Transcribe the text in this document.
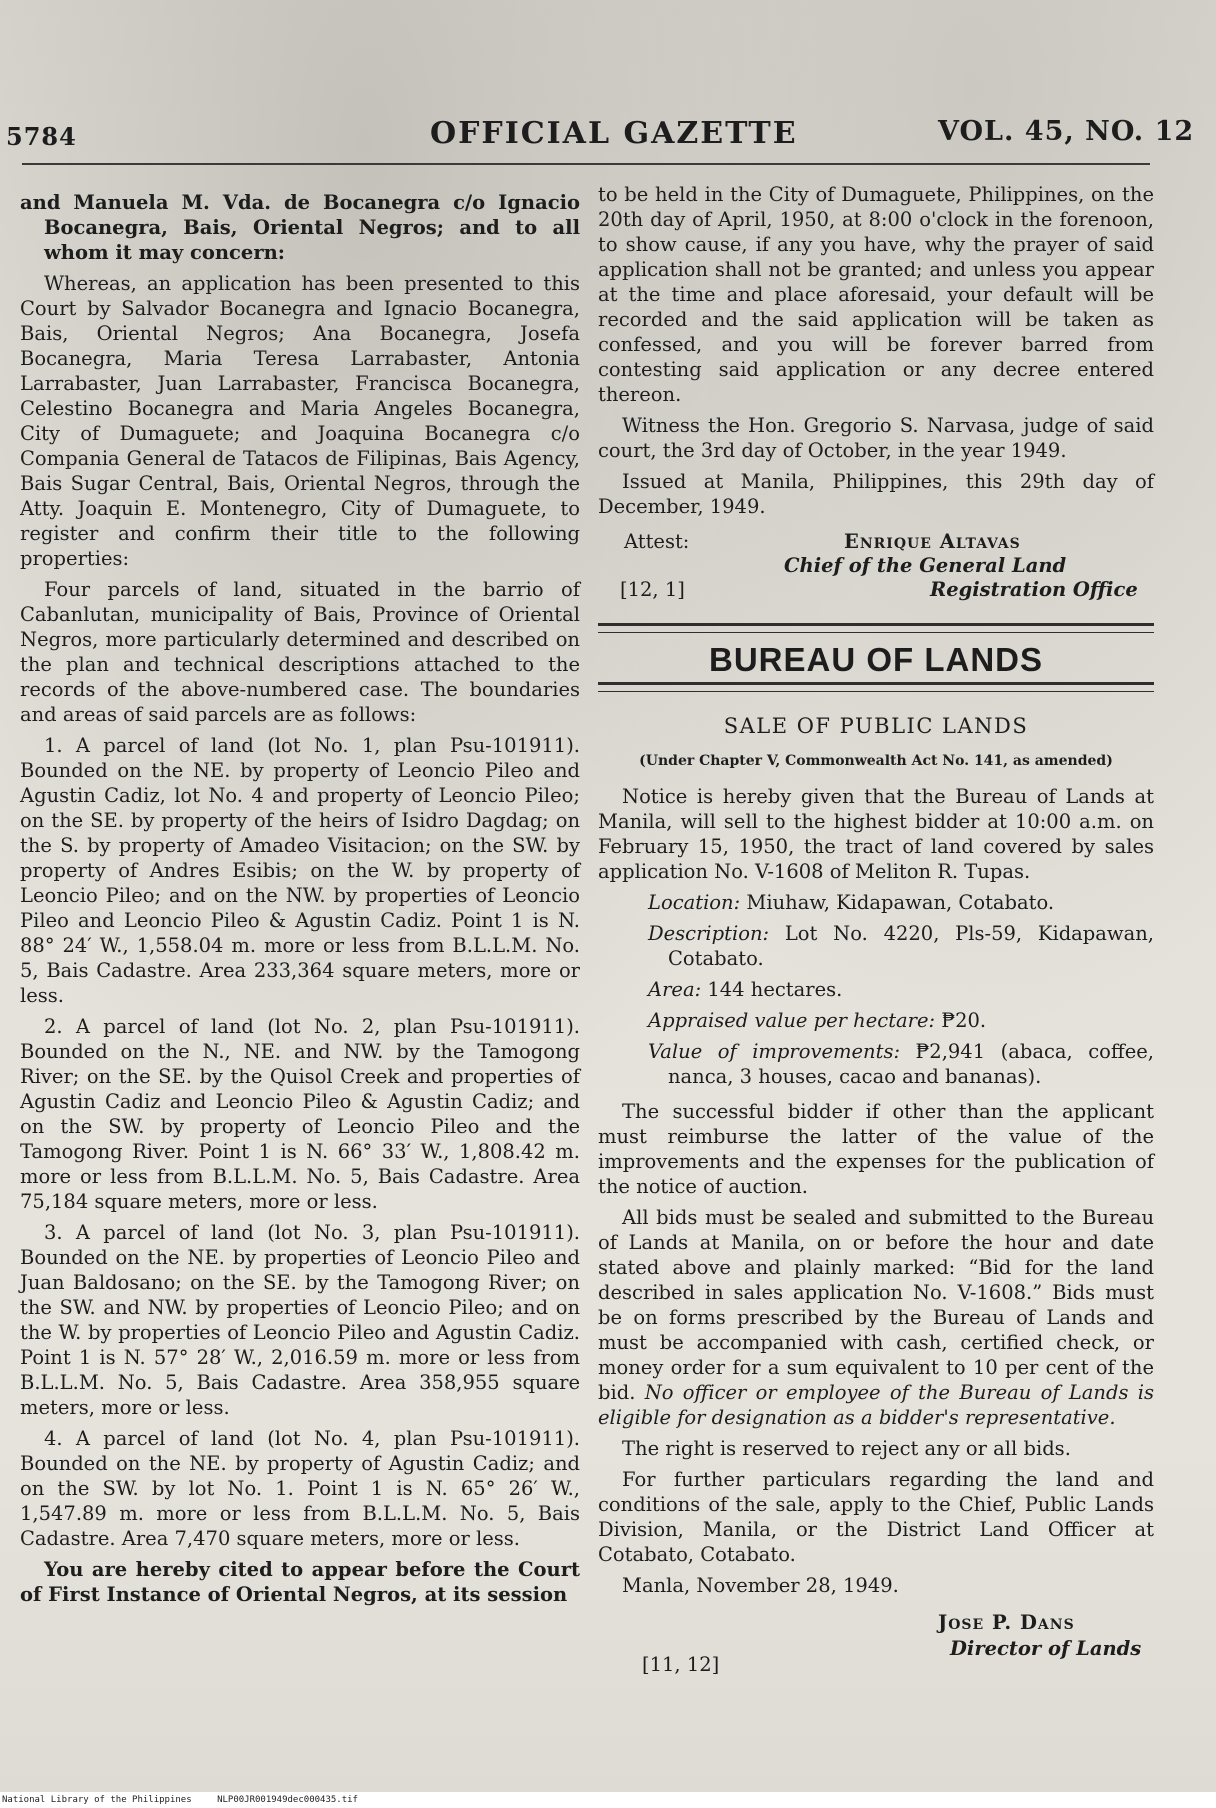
5784	OFFICIAL GAZETTE	VOL. 45, NO. 12

and Manuela M. Vda. de Bocanegra c/o Ignacio Bocanegra, Bais, Oriental Negros; and to all whom it may concern:

Whereas, an application has been presented to this Court by Salvador Bocanegra and Ignacio Bocanegra, Bais, Oriental Negros; Ana Bocanegra, Josefa Bocanegra, Maria Teresa Larrabaster, Antonia Larrabaster, Juan Larrabaster, Francisca Bocanegra, Celestino Bocanegra and Maria Angeles Bocanegra, City of Dumaguete; and Joaquina Bocanegra c/o Compania General de Tatacos de Filipinas, Bais Agency, Bais Sugar Central, Bais, Oriental Negros, through the Atty. Joaquin E. Montenegro, City of Dumaguete, to register and confirm their title to the following properties:

Four parcels of land, situated in the barrio of Cabanlutan, municipality of Bais, Province of Oriental Negros, more particularly determined and described on the plan and technical descriptions attached to the records of the above-numbered case. The boundaries and areas of said parcels are as follows:

1. A parcel of land (lot No. 1, plan Psu-101911). Bounded on the NE. by property of Leoncio Pileo and Agustin Cadiz, lot No. 4 and property of Leoncio Pileo; on the SE. by property of the heirs of Isidro Dagdag; on the S. by property of Amadeo Visitacion; on the SW. by property of Andres Esibis; on the W. by property of Leoncio Pileo; and on the NW. by properties of Leoncio Pileo and Leoncio Pileo & Agustin Cadiz. Point 1 is N. 88° 24′ W., 1,558.04 m. more or less from B.L.L.M. No. 5, Bais Cadastre. Area 233,364 square meters, more or less.

2. A parcel of land (lot No. 2, plan Psu-101911). Bounded on the N., NE. and NW. by the Tamogong River; on the SE. by the Quisol Creek and properties of Agustin Cadiz and Leoncio Pileo & Agustin Cadiz; and on the SW. by property of Leoncio Pileo and the Tamogong River. Point 1 is N. 66° 33′ W., 1,808.42 m. more or less from B.L.L.M. No. 5, Bais Cadastre. Area 75,184 square meters, more or less.

3. A parcel of land (lot No. 3, plan Psu-101911). Bounded on the NE. by properties of Leoncio Pileo and Juan Baldosano; on the SE. by the Tamogong River; on the SW. and NW. by properties of Leoncio Pileo; and on the W. by properties of Leoncio Pileo and Agustin Cadiz. Point 1 is N. 57° 28′ W., 2,016.59 m. more or less from B.L.L.M. No. 5, Bais Cadastre. Area 358,955 square meters, more or less.

4. A parcel of land (lot No. 4, plan Psu-101911). Bounded on the NE. by property of Agustin Cadiz; and on the SW. by lot No. 1. Point 1 is N. 65° 26′ W., 1,547.89 m. more or less from B.L.L.M. No. 5, Bais Cadastre. Area 7,470 square meters, more or less.

You are hereby cited to appear before the Court of First Instance of Oriental Negros, at its session

to be held in the City of Dumaguete, Philippines, on the 20th day of April, 1950, at 8:00 o'clock in the forenoon, to show cause, if any you have, why the prayer of said application shall not be granted; and unless you appear at the time and place aforesaid, your default will be recorded and the said application will be taken as confessed, and you will be forever barred from contesting said application or any decree entered thereon.

Witness the Hon. Gregorio S. Narvasa, judge of said court, the 3rd day of October, in the year 1949.

Issued at Manila, Philippines, this 29th day of December, 1949.

Attest:	Enrique Altavas
Chief of the General Land
[12, 1]	Registration Office
BUREAU OF LANDS
SALE OF PUBLIC LANDS
(Under Chapter V, Commonwealth Act No. 141, as amended)

Notice is hereby given that the Bureau of Lands at Manila, will sell to the highest bidder at 10:00 a.m. on February 15, 1950, the tract of land covered by sales application No. V-1608 of Meliton R. Tupas.

Location: Miuhaw, Kidapawan, Cotabato.

Description: Lot No. 4220, Pls-59, Kidapawan, Cotabato.

Area: 144 hectares.

Appraised value per hectare: ₱20.

Value of improvements: ₱2,941 (abaca, coffee, nanca, 3 houses, cacao and bananas).

The successful bidder if other than the applicant must reimburse the latter of the value of the improvements and the expenses for the publication of the notice of auction.

All bids must be sealed and submitted to the Bureau of Lands at Manila, on or before the hour and date stated above and plainly marked: “Bid for the land described in sales application No. V-1608.” Bids must be on forms prescribed by the Bureau of Lands and must be accompanied with cash, certified check, or money order for a sum equivalent to 10 per cent of the bid. No officer or employee of the Bureau of Lands is eligible for designation as a bidder's representative.

The right is reserved to reject any or all bids.

For further particulars regarding the land and conditions of the sale, apply to the Chief, Public Lands Division, Manila, or the District Land Officer at Cotabato, Cotabato.

Manla, November 28, 1949.

Jose P. Dans
Director of Lands
[11, 12]
National Library of the Philippines	NLP00JR001949dec000435.tif
